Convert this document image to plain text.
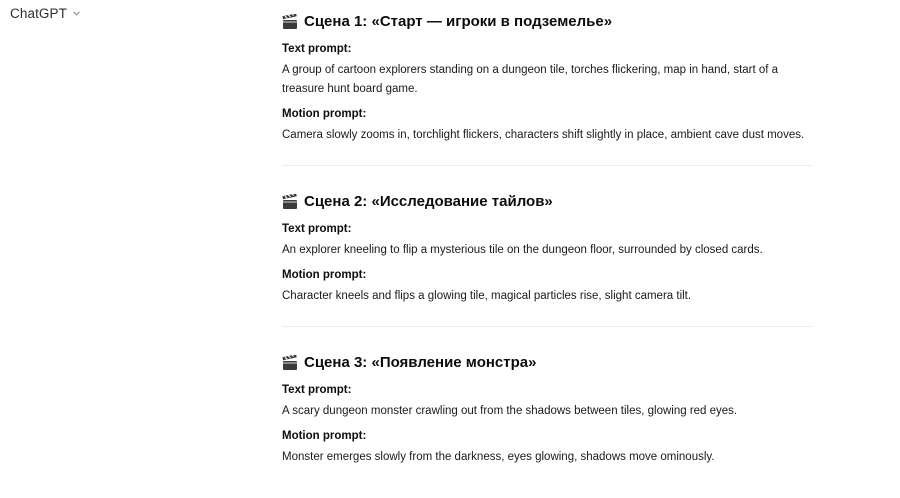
ChatGPT	Сцена 1: «Старт — игроки в подземелье»
Text prompt:
A group of cartoon explorers standing on a dungeon tile, torches flickering, map in hand, start of a treasure hunt board game.
Motion prompt:
Camera slowly zooms in, torchlight flickers, characters shift slightly in place, ambient cave dust moves.
Сцена 2: «Исследование тайлов»
Text prompt:
An explorer kneeling to flip a mysterious tile on the dungeon floor, surrounded by closed cards.
Motion prompt:
Character kneels and flips a glowing tile, magical particles rise, slight camera tilt.
Сцена 3: «Появление монстра»
Text prompt:
A scary dungeon monster crawling out from the shadows between tiles, glowing red eyes.
Motion prompt:
Monster emerges slowly from the darkness, eyes glowing, shadows move ominously.
